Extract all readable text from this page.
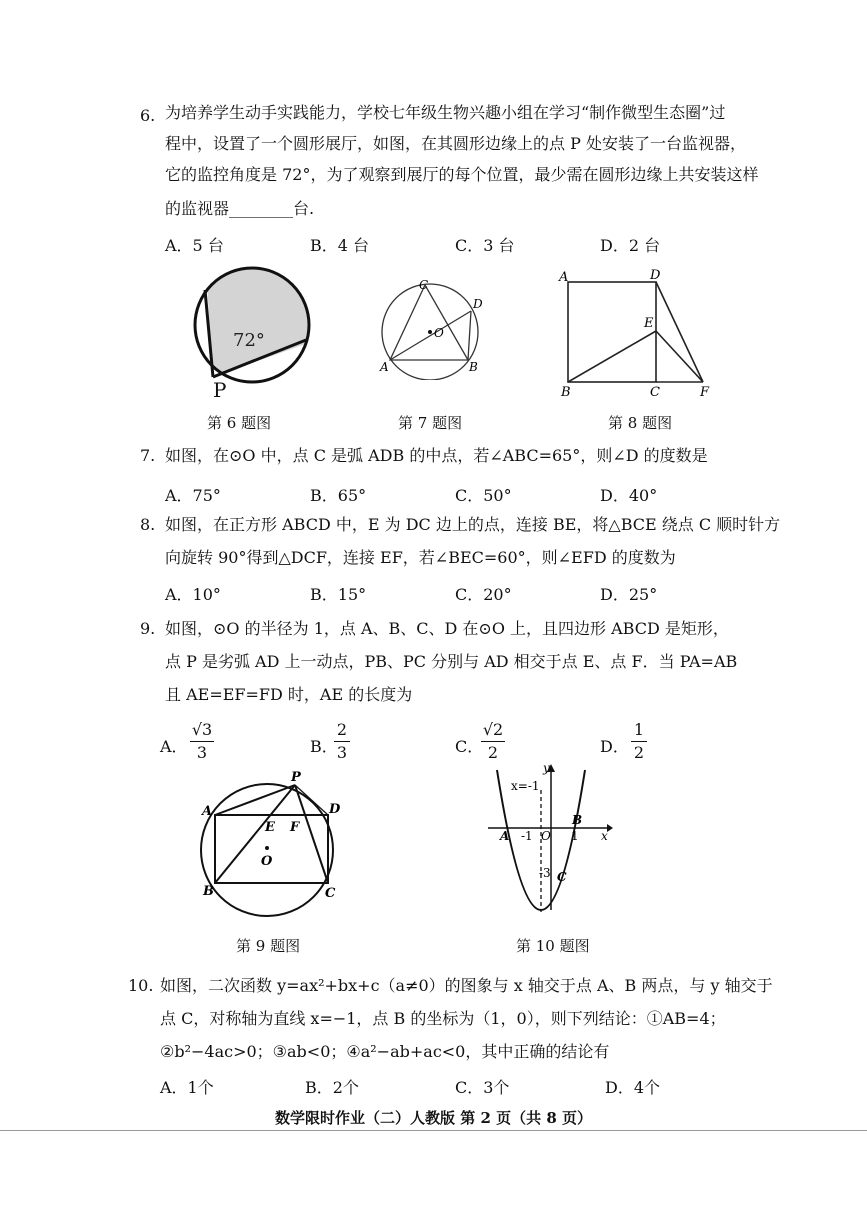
6. 为培养学生动手实践能力，学校七年级生物兴趣小组在学习“制作微型生态圈”过
程中，设置了一个圆形展厅，如图，在其圆形边缘上的点 P 处安装了一台监视器，
它的监控角度是 72°，为了观察到展厅的每个位置，最少需在圆形边缘上共安装这样
的监视器________台.
A．5 台	B．4 台	C．3 台	D．2 台
72°
P
第 6 题图
C
D
O
A	B
第 7 题图
A	D
E
B	C	F
第 8 题图
7. 如图，在⊙O 中，点 C 是弧 ADB 的中点，若∠ABC=65°，则∠D 的度数是
A．75°	B．65°	C．50°	D．40°
8. 如图，在正方形 ABCD 中，E 为 DC 边上的点，连接 BE，将△BCE 绕点 C 顺时针方
向旋转 90°得到△DCF，连接 EF，若∠BEC=60°，则∠EFD 的度数为
A．10°	B．15°	C．20°	D．25°
9. 如图，⊙O 的半径为 1，点 A、B、C、D 在⊙O 上，且四边形 ABCD 是矩形，
点 P 是劣弧 AD 上一动点，PB、PC 分别与 AD 相交于点 E、点 F．当 PA=AB
且 AE=EF=FD 时，AE 的长度为
A．
√3
3	B．
2
3	C．
√2
2	D．
1
2
P
A	D
E F
O
B	C
第 9 题图
y
x=-1
A -1 O
B
1 x
-3 C
第 10 题图
10. 如图，二次函数 y=ax²+bx+c（a≠0）的图象与 x 轴交于点 A、B 两点，与 y 轴交于
点 C，对称轴为直线 x=−1，点 B 的坐标为（1，0），则下列结论：①AB=4；
②b²−4ac>0；③ab<0；④a²−ab+ac<0，其中正确的结论有
A．1个	B．2个	C．3个	D．4个
数学限时作业（二）人教版 第 2 页（共 8 页）
